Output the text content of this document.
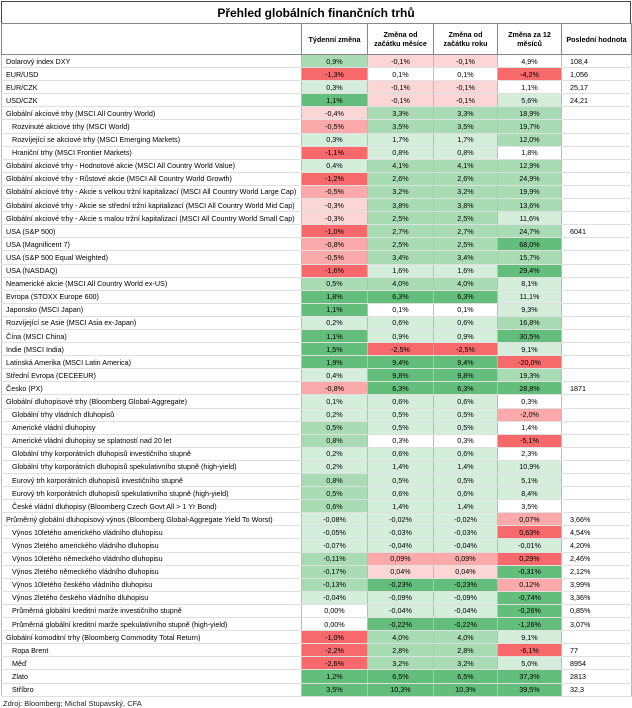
Přehled globálních finančních trhů
	Týdenní změna	Změna od začátku měsíce	Změna od začátku roku	Změna za 12 měsíců	Poslední hodnota
Dolarový index DXY	0,9%	-0,1%	-0,1%	4,9%	108,4
EUR/USD	-1,3%	0,1%	0,1%	-4,2%	1,056
EUR/CZK	0,3%	-0,1%	-0,1%	1,1%	25,17
USD/CZK	1,1%	-0,1%	-0,1%	5,6%	24,21
Globální akciové trhy (MSCI All Country World)	-0,4%	3,3%	3,3%	18,9%	
Rozvinuté akciové trhy (MSCI World)	-0,5%	3,5%	3,5%	19,7%	
Rozvíjející se akciové trhy (MSCI Emerging Markets)	0,3%	1,7%	1,7%	12,0%	
Hraniční trhy (MSCI Frontier Markets)	-1,1%	0,8%	0,8%	1,8%	
Globální akciové trhy - Hodnotové akcie (MSCI All Country World Value)	0,4%	4,1%	4,1%	12,9%	
Globální akciové trhy - Růstové akcie (MSCI All Country World Growth)	-1,2%	2,6%	2,6%	24,9%	
Globální akciové trhy - Akcie s velkou tržní kapitalizací (MSCI All Country World Large Cap)	-0,5%	3,2%	3,2%	19,9%	
Globální akciové trhy - Akcie se střední tržní kapitalizací (MSCI All Country World Mid Cap)	-0,3%	3,8%	3,8%	13,6%	
Globální akciové trhy - Akcie s malou tržní kapitalizací (MSCI All Country World Small Cap)	-0,3%	2,5%	2,5%	11,6%	
USA (S&P 500)	-1,0%	2,7%	2,7%	24,7%	6041
USA (Magnificent 7)	-0,8%	2,5%	2,5%	68,0%	
USA (S&P 500 Equal Weighted)	-0,5%	3,4%	3,4%	15,7%	
USA (NASDAQ)	-1,6%	1,6%	1,6%	29,4%	
Neamerické akcie (MSCI All Country World ex-US)	0,5%	4,0%	4,0%	8,1%	
Evropa (STOXX Europe 600)	1,8%	6,3%	6,3%	11,1%	
Japonsko (MSCI Japan)	1,1%	0,1%	0,1%	9,3%	
Rozvíjející se Asie (MSCI Asia ex-Japan)	0,2%	0,6%	0,6%	16,8%	
Čína (MSCI China)	1,1%	0,9%	0,9%	30,5%	
Indie (MSCI India)	1,5%	-2,5%	-2,5%	9,1%	
Latinská Amerika (MSCI Latin America)	1,9%	9,4%	9,4%	-20,0%	
Střední Evropa (CECEEUR)	0,4%	9,8%	9,8%	19,3%	
Česko (PX)	-0,8%	6,3%	6,3%	28,8%	1871
Globální dluhopisové trhy (Bloomberg Global-Aggregate)	0,1%	0,6%	0,6%	0,3%	
Globální trhy vládních dluhopisů	0,2%	0,5%	0,5%	-2,0%	
Americké vládní dluhopisy	0,5%	0,5%	0,5%	1,4%	
Americké vládní dluhopisy se splatností nad 20 let	0,8%	0,3%	0,3%	-5,1%	
Globální trhy korporátních dluhopisů investičního stupně	0,2%	0,6%	0,6%	2,3%	
Globální trhy korporátních dluhopisů spekulativního stupně (high-yield)	0,2%	1,4%	1,4%	10,9%	
Eurový trh korporátních dluhopisů investičního stupně	0,8%	0,5%	0,5%	5,1%	
Eurový trh korporátních dluhopisů spekulativního stupně (high-yield)	0,5%	0,6%	0,6%	8,4%	
České vládní dluhopisy (Bloomberg Czech Govt All > 1 Yr Bond)	0,6%	1,4%	1,4%	3,5%	
Průměrný globální dluhopisový výnos (Bloomberg Global-Aggregate Yield To Worst)	-0,08%	-0,02%	-0,02%	0,07%	3,66%
Výnos 10letého amerického vládního dluhopisu	-0,05%	-0,03%	-0,03%	0,63%	4,54%
Výnos 2letého amerického vládního dluhopisu	-0,07%	-0,04%	-0,04%	-0,01%	4,20%
Výnos 10letého německého vládního dluhopisu	-0,11%	0,09%	0,09%	0,29%	2,46%
Výnos 2letého německého vládního dluhopisu	-0,17%	0,04%	0,04%	-0,31%	2,12%
Výnos 10letého českého vládního dluhopisu	-0,13%	-0,23%	-0,23%	0,12%	3,99%
Výnos 2letého českého vládního dluhopisu	-0,04%	-0,09%	-0,09%	-0,74%	3,36%
Průměrná globální kreditní marže investičního stupně	0,00%	-0,04%	-0,04%	-0,26%	0,85%
Průměrná globální kreditní marže spekulativního stupně (high-yield)	0,00%	-0,22%	-0,22%	-1,26%	3,07%
Globální komoditní trhy (Bloomberg Commodity Total Return)	-1,0%	4,0%	4,0%	9,1%	
Ropa Brent	-2,2%	2,8%	2,8%	-6,1%	77
Měď	-2,6%	3,2%	3,2%	5,0%	8954
Zlato	1,2%	6,5%	6,5%	37,3%	2813
Stříbro	3,5%	10,3%	10,3%	39,5%	32,3
Zdroj: Bloomberg; Michal Stupavský, CFA
